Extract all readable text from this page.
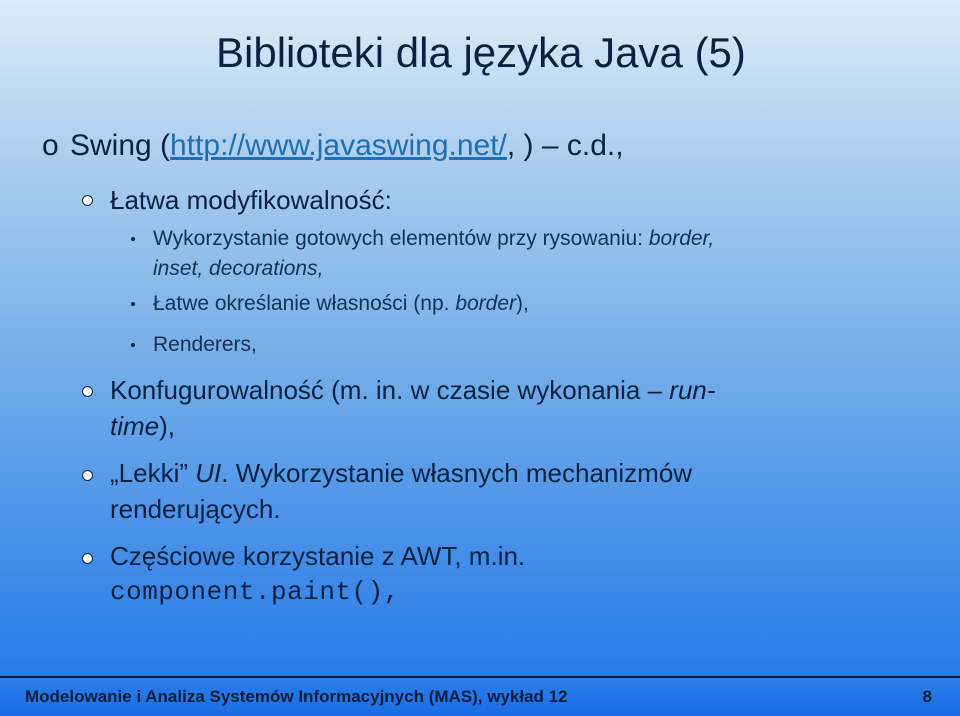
Biblioteki dla języka Java (5)
o Swing (http://www.javaswing.net/, ) – c.d.,
Łatwa modyfikowalność:
Wykorzystanie gotowych elementów przy rysowaniu: border,
inset, decorations,
Łatwe określanie własności (np. border),
Renderers,
Konfugurowalność (m. in. w czasie wykonania – run-
time),
„Lekki” UI. Wykorzystanie własnych mechanizmów
renderujących.
Częściowe korzystanie z AWT, m.in.
component.paint(),
Modelowanie i Analiza Systemów Informacyjnych (MAS), wykład 12	8
